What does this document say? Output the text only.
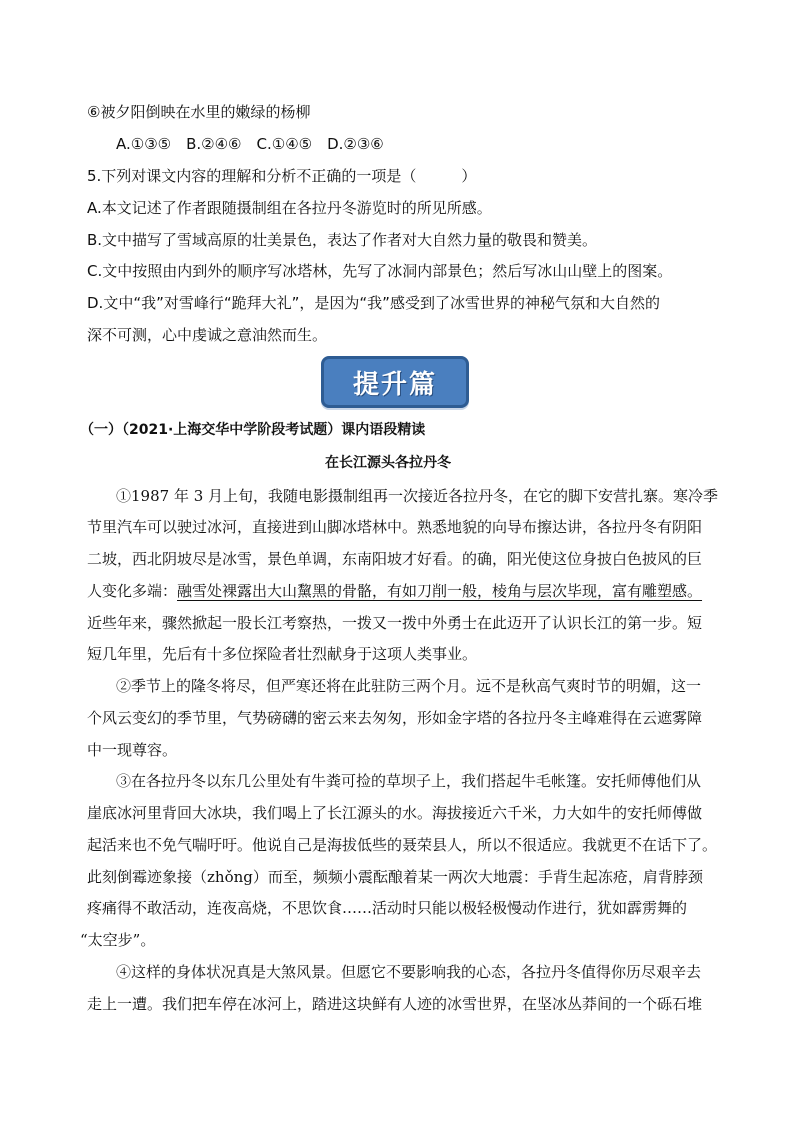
⑥被夕阳倒映在水里的嫩绿的杨柳
A.①③⑤　B.②④⑥　C.①④⑤　D.②③⑥
5.下列对课文内容的理解和分析不正确的一项是（　　　）
A.本文记述了作者跟随摄制组在各拉丹冬游览时的所见所感。
B.文中描写了雪域高原的壮美景色，表达了作者对大自然力量的敬畏和赞美。
C.文中按照由内到外的顺序写冰塔林，先写了冰洞内部景色；然后写冰山山壁上的图案。
D.文中“我”对雪峰行“跪拜大礼”，是因为“我”感受到了冰雪世界的神秘气氛和大自然的
深不可测，心中虔诚之意油然而生。
提升篇
（一）（2021·上海交华中学阶段考试题）课内语段精读
在长江源头各拉丹冬
①1987 年 3 月上旬，我随电影摄制组再一次接近各拉丹冬，在它的脚下安营扎寨。寒冷季
节里汽车可以驶过冰河，直接进到山脚冰塔林中。熟悉地貌的向导布擦达讲，各拉丹冬有阴阳
二坡，西北阴坡尽是冰雪，景色单调，东南阳坡才好看。的确，阳光使这位身披白色披风的巨
人变化多端：融雪处裸露出大山黧黑的骨骼，有如刀削一般，棱角与层次毕现，富有雕塑感。
近些年来，骤然掀起一股长江考察热，一拨又一拨中外勇士在此迈开了认识长江的第一步。短
短几年里，先后有十多位探险者壮烈献身于这项人类事业。
②季节上的隆冬将尽，但严寒还将在此驻防三两个月。远不是秋高气爽时节的明媚，这一
个风云变幻的季节里，气势磅礴的密云来去匆匆，形如金字塔的各拉丹冬主峰难得在云遮雾障
中一现尊容。
③在各拉丹冬以东几公里处有牛粪可捡的草坝子上，我们搭起牛毛帐篷。安托师傅他们从
崖底冰河里背回大冰块，我们喝上了长江源头的水。海拔接近六千米，力大如牛的安托师傅做
起活来也不免气喘吁吁。他说自己是海拔低些的聂荣县人，所以不很适应。我就更不在话下了。
此刻倒霉迹象接（zhǒng）而至，频频小震酝酿着某一两次大地震：手背生起冻疮，肩背脖颈
疼痛得不敢活动，连夜高烧，不思饮食……活动时只能以极轻极慢动作进行，犹如霹雳舞的
“太空步”。
④这样的身体状况真是大煞风景。但愿它不要影响我的心态，各拉丹冬值得你历尽艰辛去
走上一遭。我们把车停在冰河上，踏进这块鲜有人迹的冰雪世界，在坚冰丛莽间的一个砾石堆
